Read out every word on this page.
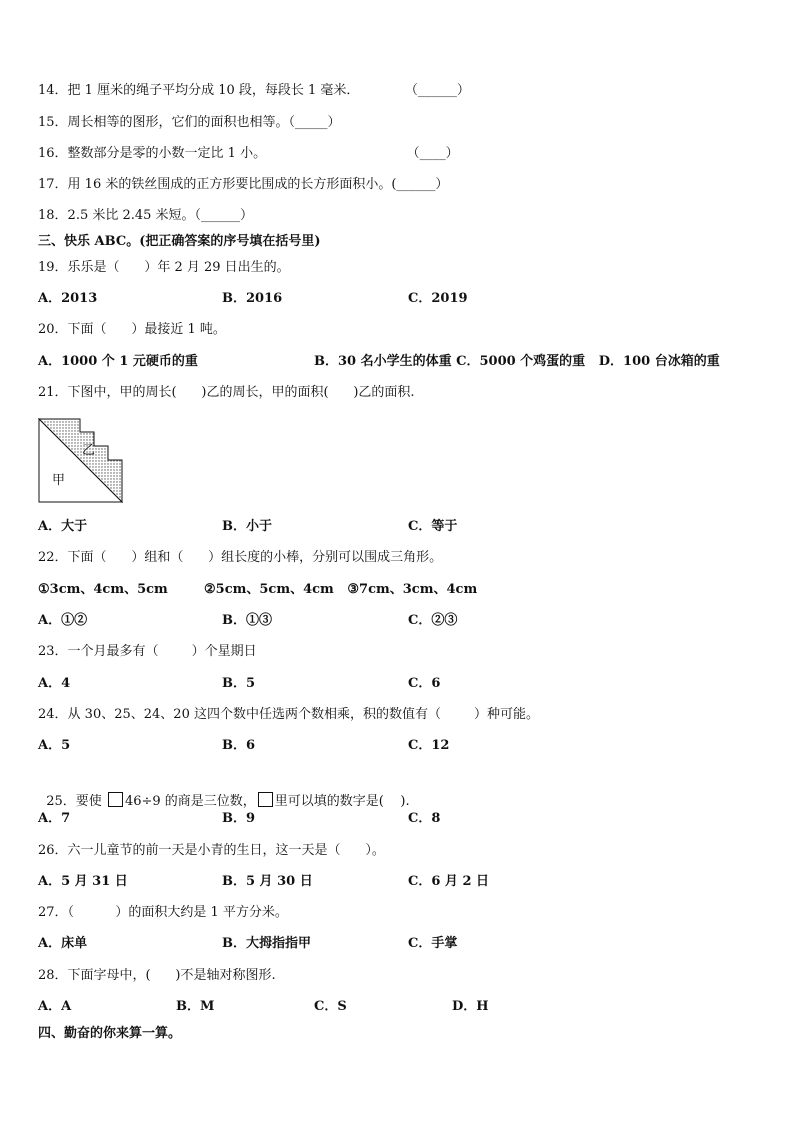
14．把 1 厘米的绳子平均分成 10 段，每段长 1 毫米．           （______）
15．周长相等的图形，它们的面积也相等。（_____）
16．整数部分是零的小数一定比 1 小。                                  （____）
17．用 16 米的铁丝围成的正方形要比围成的长方形面积小。(______）
18．2.5 米比 2.45 米短。（______）
三、快乐 ABC。(把正确答案的序号填在括号里)
19．乐乐是（      ）年 2 月 29 日出生的。
A．2013	B．2016	C．2019
20．下面（      ）最接近 1 吨。
A．1000 个 1 元硬币的重	B．30 名小学生的体重 C．5000 个鸡蛋的重   D．100 台冰箱的重
21．下图中，甲的周长(      )乙的周长，甲的面积(      )乙的面积.
乙
甲
A．大于	B．小于	C．等于
22．下面（      ）组和（      ）组长度的小棒，分别可以围成三角形。
①3cm、4cm、5cm        ②5cm、5cm、4cm   ③7cm、3cm、4cm
A．①②	B．①③	C．②③
23．一个月最多有（        ）个星期日
A．4	B．5	C．6
24．从 30、25、24、20 这四个数中任选两个数相乘，积的数值有（        ）种可能。
A．5	B．6	C．12

25．要使 46÷9 的商是三位数， 里可以填的数字是(    ).

A．7	B．9	C．8
26．六一儿童节的前一天是小青的生日，这一天是（      ）。
A．5 月 31 日	B．5 月 30 日	C．6 月 2 日
27．（          ）的面积大约是 1 平方分米。
A．床单	B．大拇指指甲	C．手掌
28．下面字母中，(      )不是轴对称图形.
A．A	B．M	C．S	D．H
四、勤奋的你来算一算。
